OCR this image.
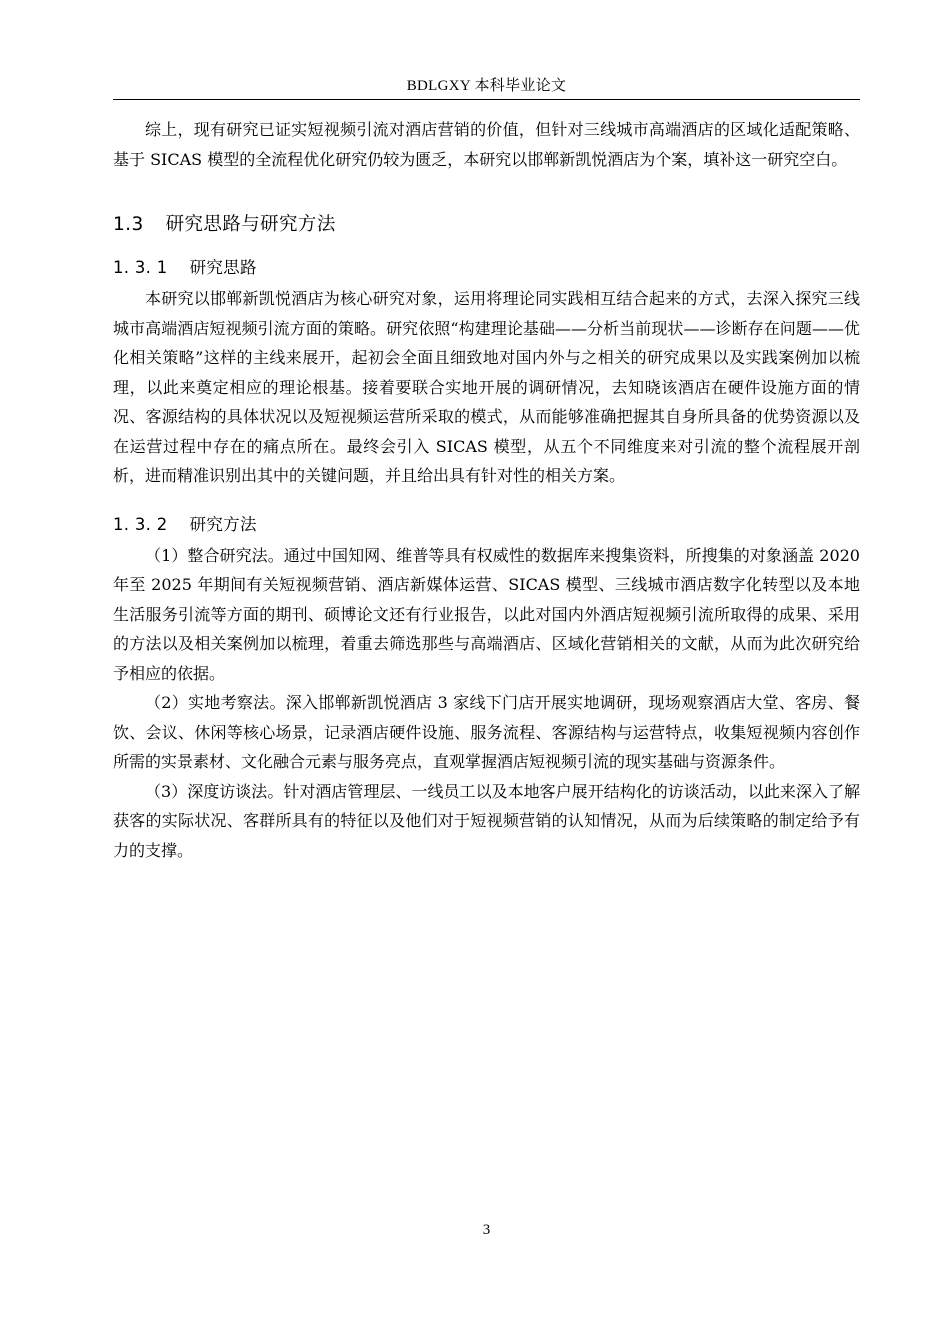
BDLGXY 本科毕业论文

综上，现有研究已证实短视频引流对酒店营销的价值，但针对三线城市高端酒店的区域化适配策略、基于 SICAS 模型的全流程优化研究仍较为匮乏，本研究以邯郸新凯悦酒店为个案，填补这一研究空白。

1.3 研究思路与研究方法
1. 3. 1 研究思路

本研究以邯郸新凯悦酒店为核心研究对象，运用将理论同实践相互结合起来的方式，去深入探究三线城市高端酒店短视频引流方面的策略。研究依照“构建理论基础——分析当前现状——诊断存在问题——优化相关策略”这样的主线来展开，起初会全面且细致地对国内外与之相关的研究成果以及实践案例加以梳理，以此来奠定相应的理论根基。接着要联合实地开展的调研情况，去知晓该酒店在硬件设施方面的情况、客源结构的具体状况以及短视频运营所采取的模式，从而能够准确把握其自身所具备的优势资源以及在运营过程中存在的痛点所在。最终会引入 SICAS 模型，从五个不同维度来对引流的整个流程展开剖析，进而精准识别出其中的关键问题，并且给出具有针对性的相关方案。

1. 3. 2 研究方法

（1）整合研究法。通过中国知网、维普等具有权威性的数据库来搜集资料，所搜集的对象涵盖 2020 年至 2025 年期间有关短视频营销、酒店新媒体运营、SICAS 模型、三线城市酒店数字化转型以及本地生活服务引流等方面的期刊、硕博论文还有行业报告，以此对国内外酒店短视频引流所取得的成果、采用的方法以及相关案例加以梳理，着重去筛选那些与高端酒店、区域化营销相关的文献，从而为此次研究给予相应的依据。

（2）实地考察法。深入邯郸新凯悦酒店 3 家线下门店开展实地调研，现场观察酒店大堂、客房、餐饮、会议、休闲等核心场景，记录酒店硬件设施、服务流程、客源结构与运营特点，收集短视频内容创作所需的实景素材、文化融合元素与服务亮点，直观掌握酒店短视频引流的现实基础与资源条件。

（3）深度访谈法。针对酒店管理层、一线员工以及本地客户展开结构化的访谈活动，以此来深入了解获客的实际状况、客群所具有的特征以及他们对于短视频营销的认知情况，从而为后续策略的制定给予有力的支撑。

3
